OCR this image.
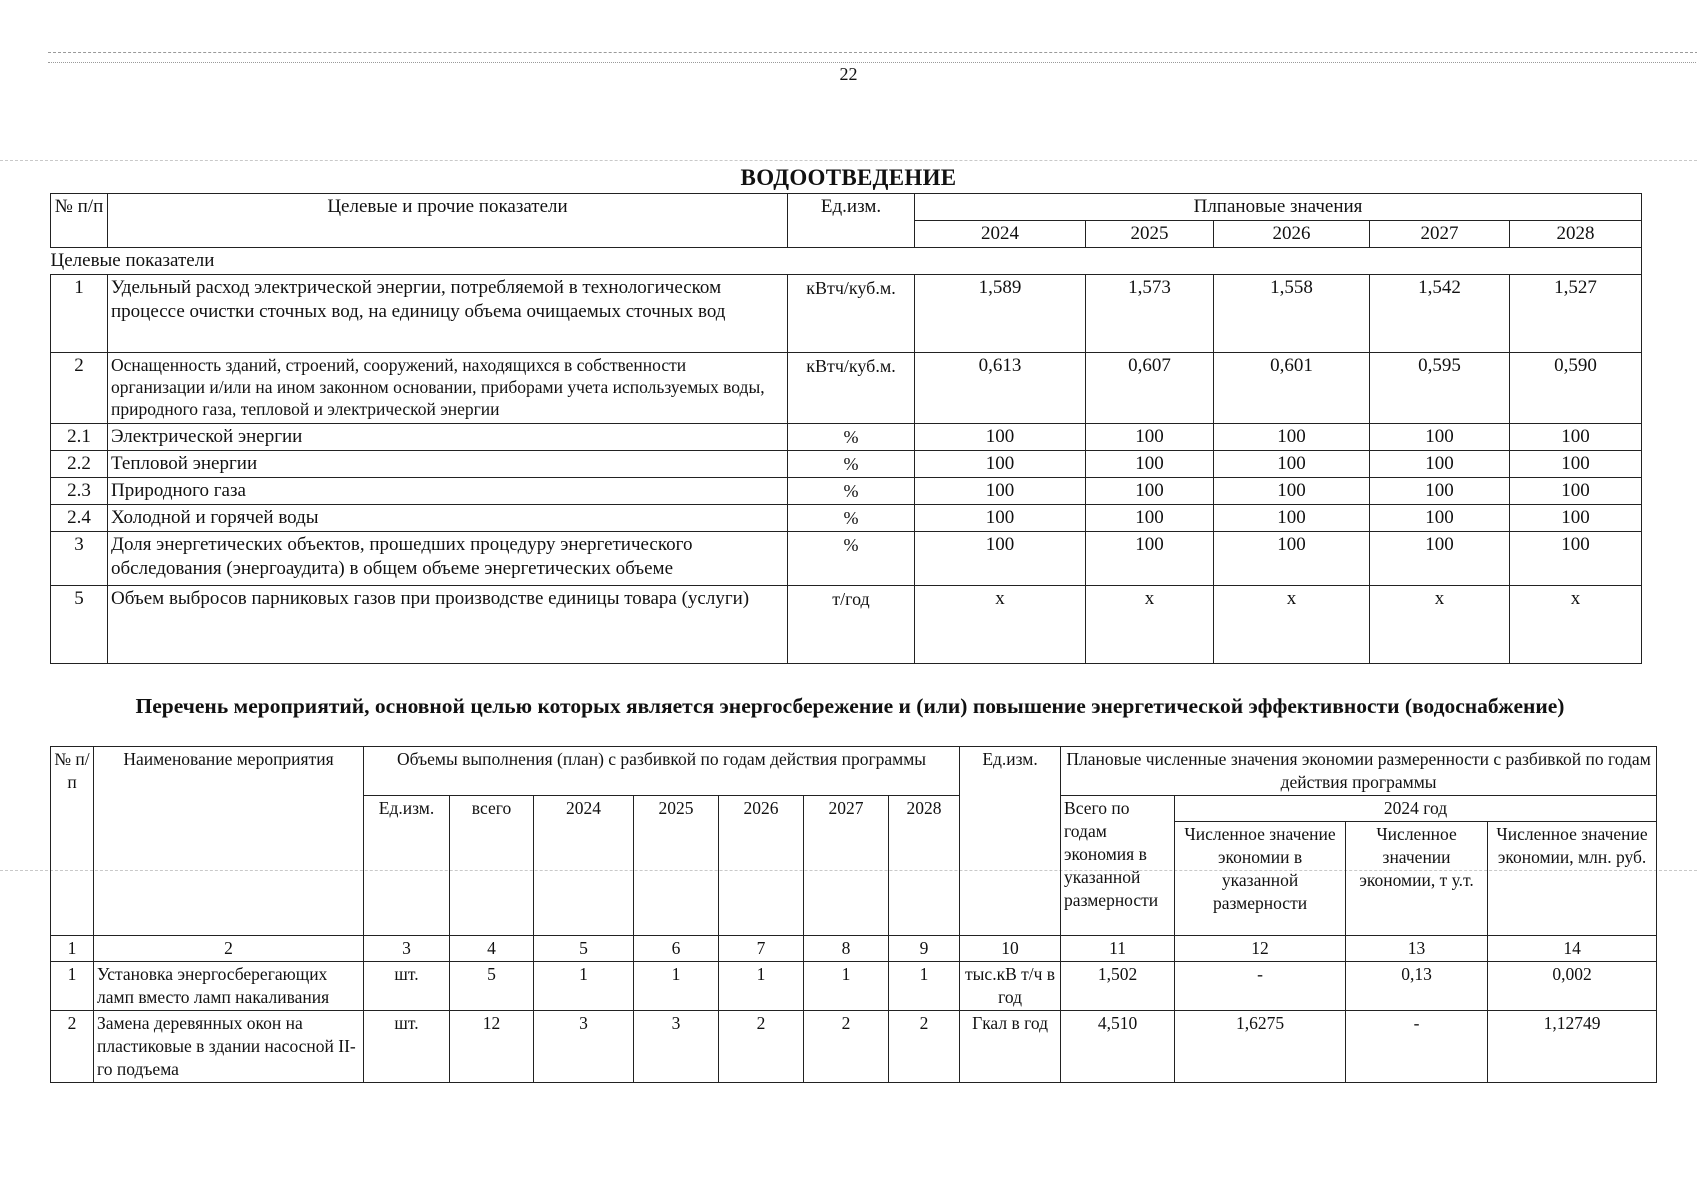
22
ВОДООТВЕДЕНИЕ
№ п/п	Целевые и прочие показатели	Ед.изм.	Плпановые значения				
			2024	2025	2026	2027	2028
Целевые показатели							
1	Удельный расход электрической энергии, потребляемой в технологическом процессе очистки сточных вод, на единицу объема очищаемых сточных вод	кВтч/куб.м.	1,589	1,573	1,558	1,542	1,527
2	Оснащенность зданий, строений, сооружений, находящихся в собственности организации и/или на ином законном основании, приборами учета используемых воды, природного газа, тепловой и электрической энергии	кВтч/куб.м.	0,613	0,607	0,601	0,595	0,590
2.1	Электрической энергии	%	100	100	100	100	100
2.2	Тепловой энергии	%	100	100	100	100	100
2.3	Природного газа	%	100	100	100	100	100
2.4	Холодной и горячей воды	%	100	100	100	100	100
3	Доля энергетических объектов, прошедших процедуру энергетического обследования (энергоаудита) в общем объеме энергетических объеме	%	100	100	100	100	100
5	Объем выбросов парниковых газов при производстве единицы товара (услуги)	т/год	x	x	x	x	x
Перечень мероприятий, основной целью которых является энергосбережение и (или) повышение энергетической эффективности (водоснабжение)
№ п/п	Наименование мероприятия	Объемы выполнения (план) с разбивкой по годам действия программы							Ед.изм.	Плановые численные значения экономии размеренности с разбивкой по годам действия программы			
		Ед.изм.	всего	2024	2025	2026	2027	2028		Всего по годам экономия в указанной размерности	2024 год		
											Численное значение экономии в указанной размерности	Численное значении экономии, т у.т.	Численное значение экономии, млн. руб.
1	2	3	4	5	6	7	8	9	10	11	12	13	14
1	Установка энергосберегающих ламп вместо ламп накаливания	шт.	5	1	1	1	1	1	тыс.кВ т/ч в год	1,502	-	0,13	0,002
2	Замена деревянных окон на пластиковые в здании насосной II-го подъема	шт.	12	3	3	2	2	2	Гкал в год	4,510	1,6275	-	1,12749
